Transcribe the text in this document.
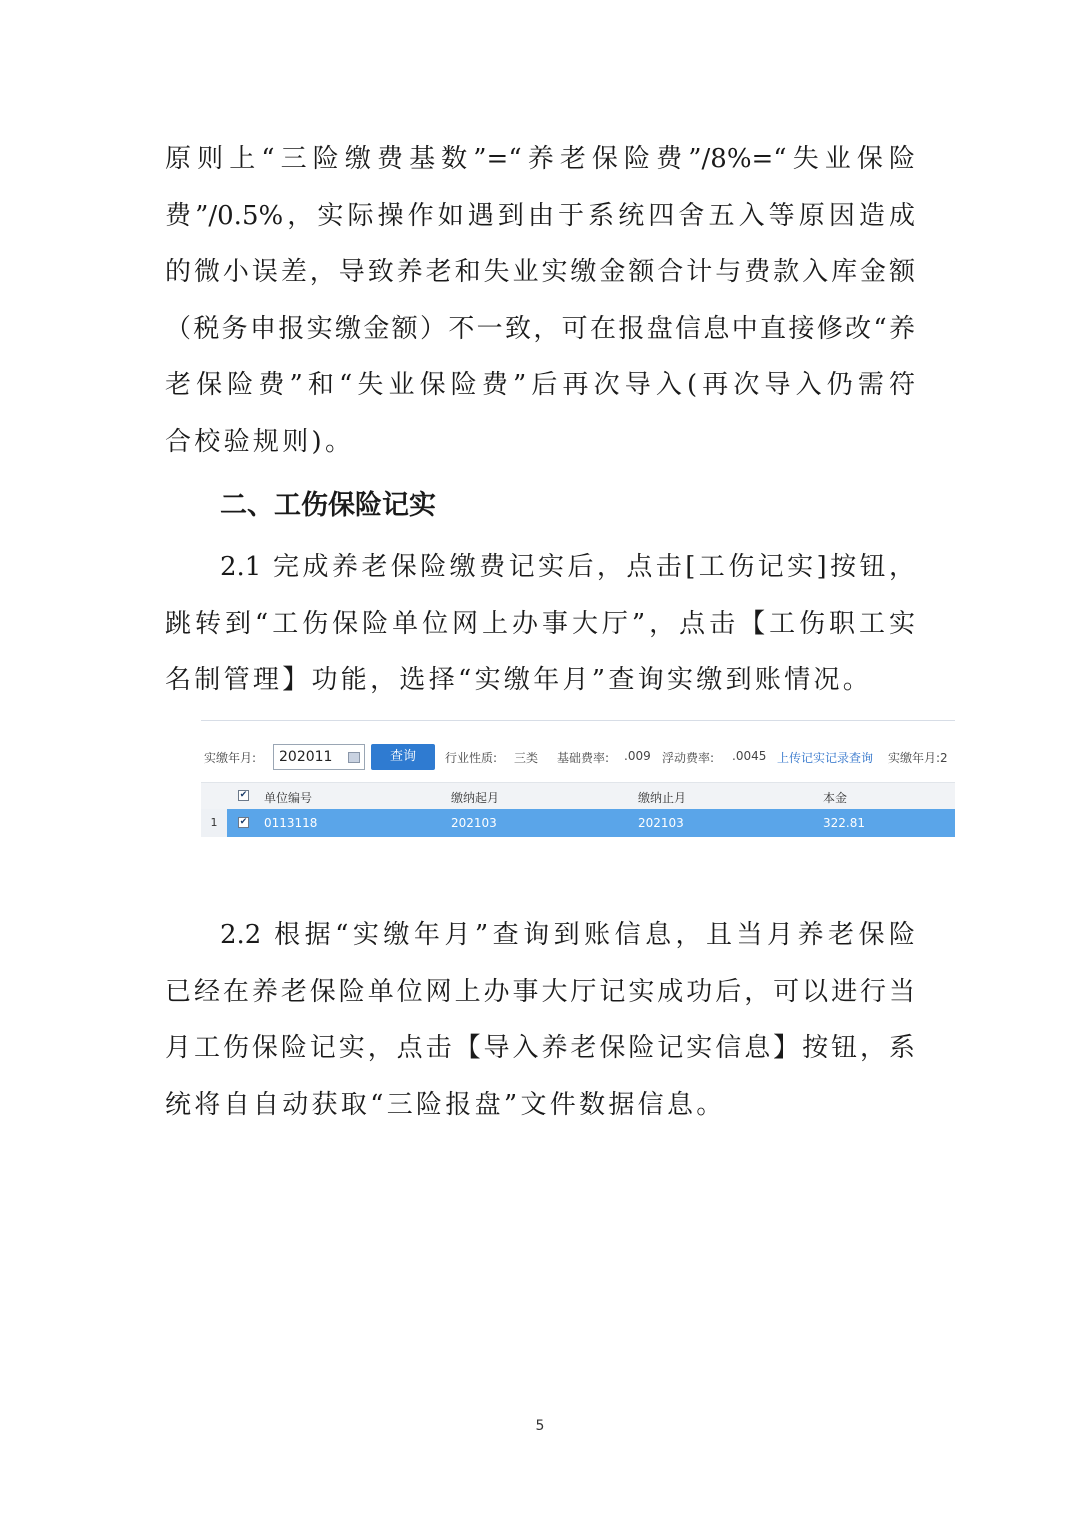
原则上“三险缴费基数”=“养老保险费”/8%=“失业保险
费”/0.5%，实际操作如遇到由于系统四舍五入等原因造成
的微小误差，导致养老和失业实缴金额合计与费款入库金额
（税务申报实缴金额）不一致，可在报盘信息中直接修改“养
老保险费”和“失业保险费”后再次导入(再次导入仍需符
合校验规则)。
二、工伤保险记实
2.1 完成养老保险缴费记实后，点击[工伤记实]按钮，
跳转到“工伤保险单位网上办事大厅”，点击【工伤职工实
名制管理】功能，选择“实缴年月”查询实缴到账情况。
实缴年月: 202011	查询	行业性质: 三类 基础费率: .009 浮动费率: .0045 上传记实记录查询 实缴年月:2
✔ 单位编号	缴纳起月	缴纳止月	本金
1	✔ 0113118	202103	202103	322.81
2.2 根据“实缴年月”查询到账信息，且当月养老保险
已经在养老保险单位网上办事大厅记实成功后，可以进行当
月工伤保险记实，点击【导入养老保险记实信息】按钮，系
统将自自动获取“三险报盘”文件数据信息。
5
